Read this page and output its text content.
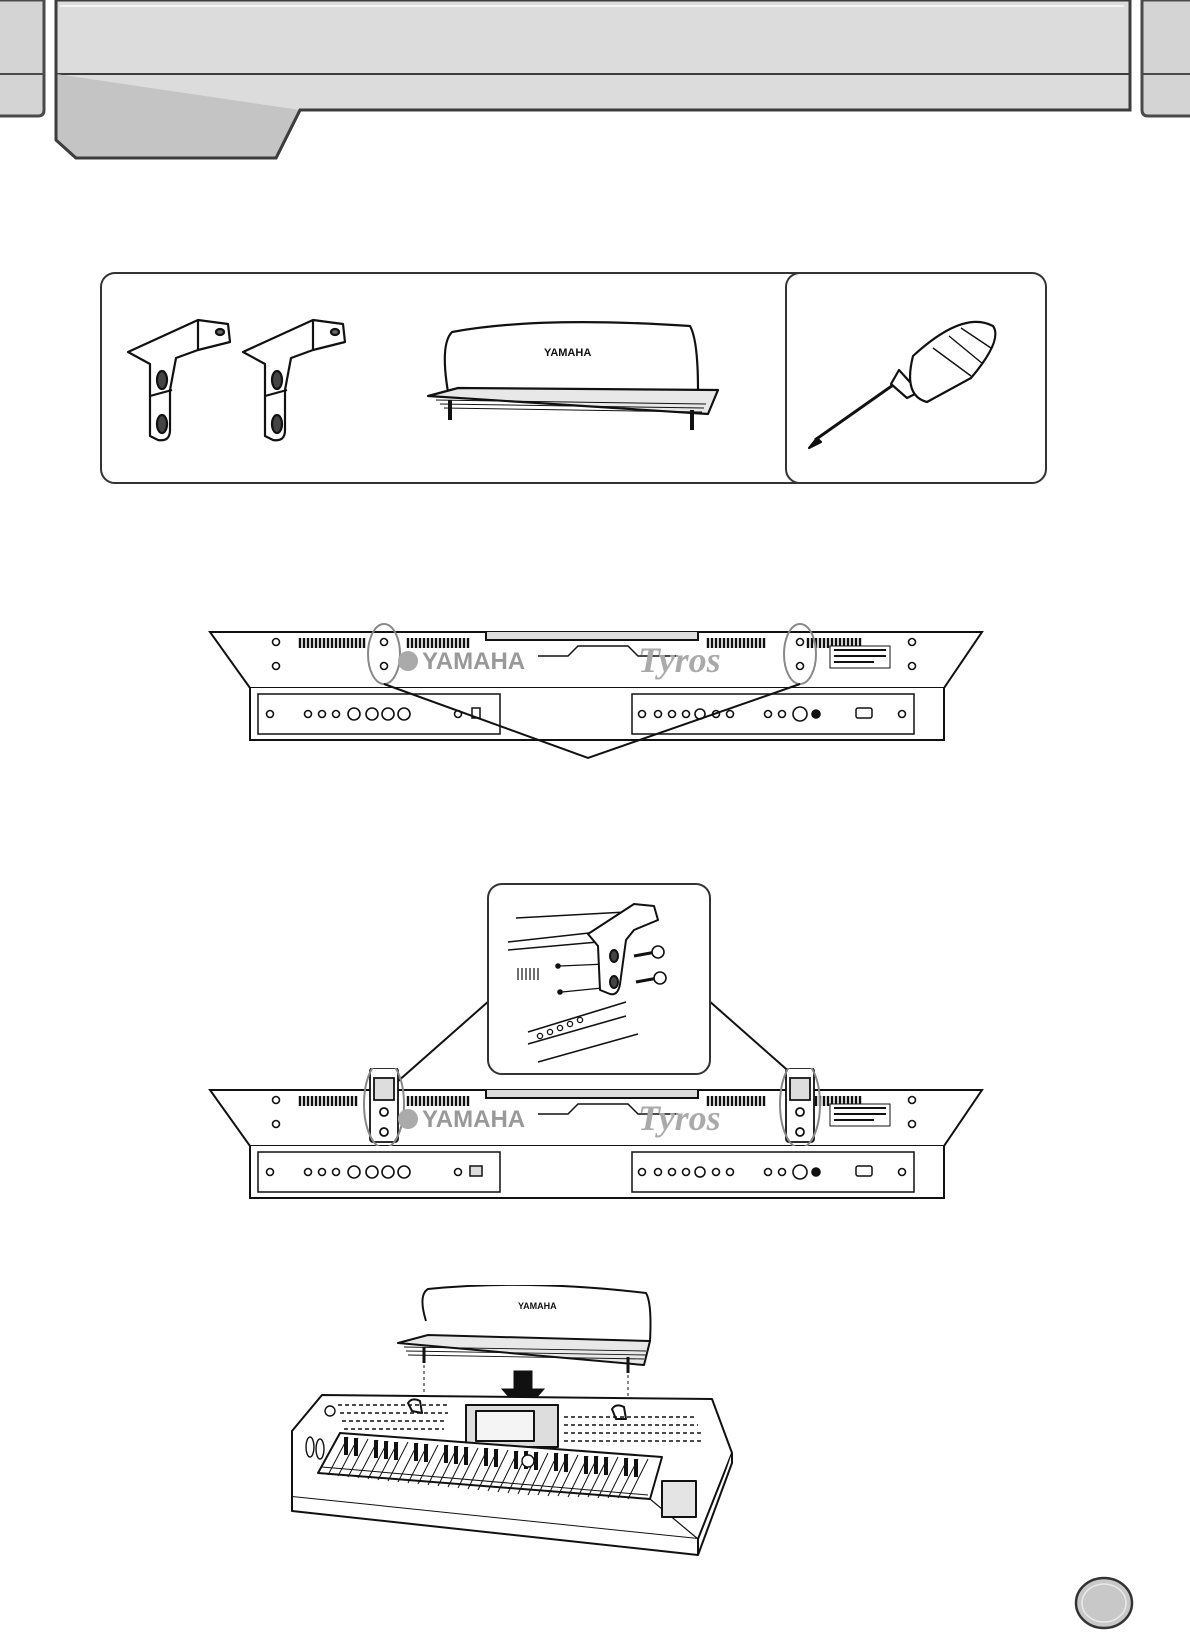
YAMAHA
YAMAHA	Tyros
YAMAHA	Tyros
YAMAHA
